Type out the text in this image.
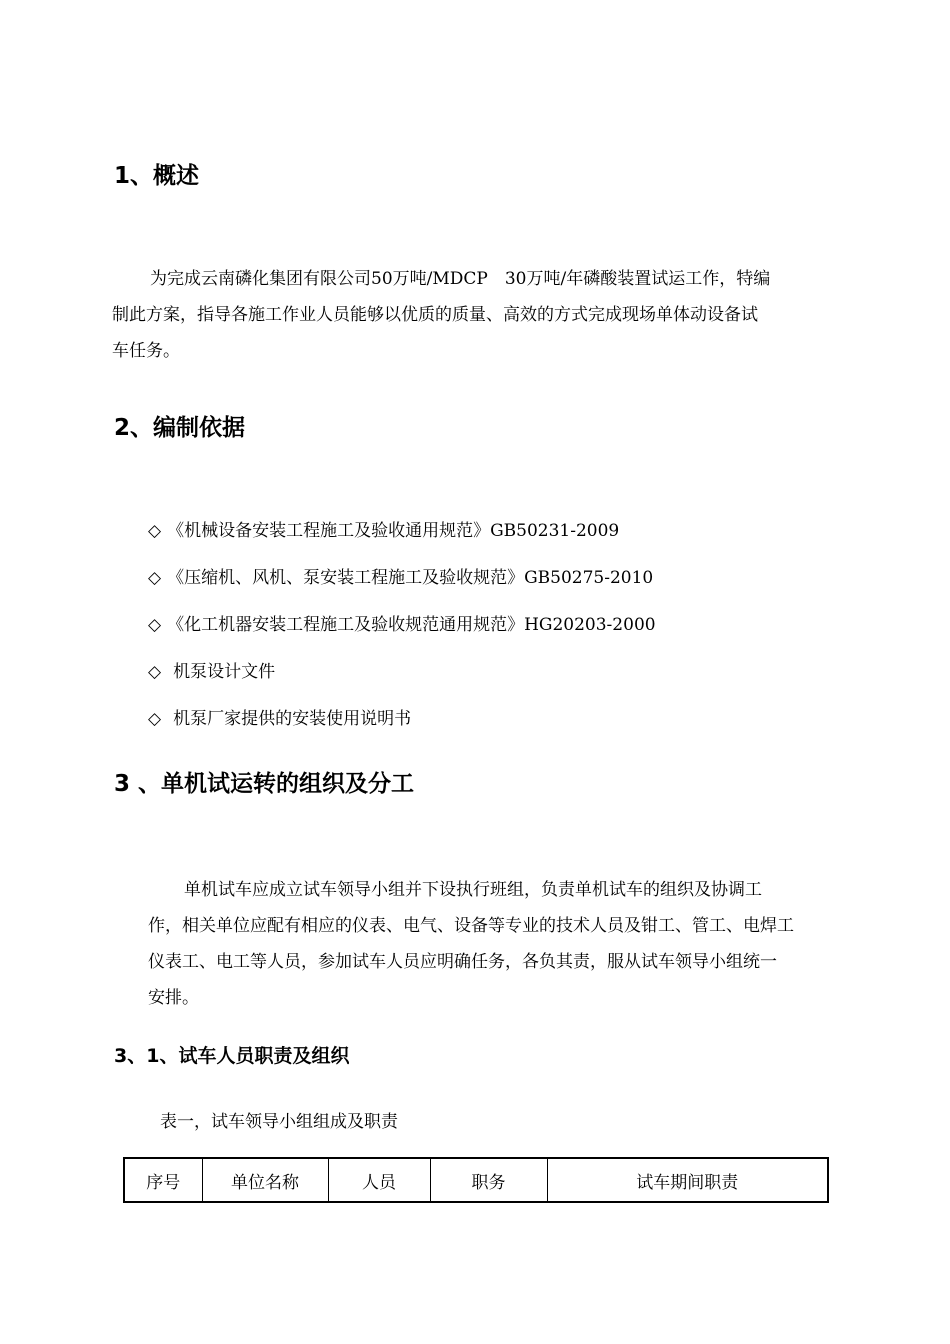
1、概述
为完成云南磷化集团有限公司50万吨/MDCP　30万吨/年磷酸装置试运工作，特编
制此方案，指导各施工作业人员能够以优质的质量、高效的方式完成现场单体动设备试
车任务。
2、编制依据
◇ 《机械设备安装工程施工及验收通用规范》GB50231-2009
◇ 《压缩机、风机、泵安装工程施工及验收规范》GB50275-2010
◇ 《化工机器安装工程施工及验收规范通用规范》HG20203-2000
◇ 机泵设计文件
◇ 机泵厂家提供的安装使用说明书
3 、单机试运转的组织及分工
单机试车应成立试车领导小组并下设执行班组，负责单机试车的组织及协调工
作，相关单位应配有相应的仪表、电气、设备等专业的技术人员及钳工、管工、电焊工
仪表工、电工等人员，参加试车人员应明确任务，各负其责，服从试车领导小组统一
安排。
3、1、试车人员职责及组织
表一，试车领导小组组成及职责
序号	单位名称	人员	职务	试车期间职责
